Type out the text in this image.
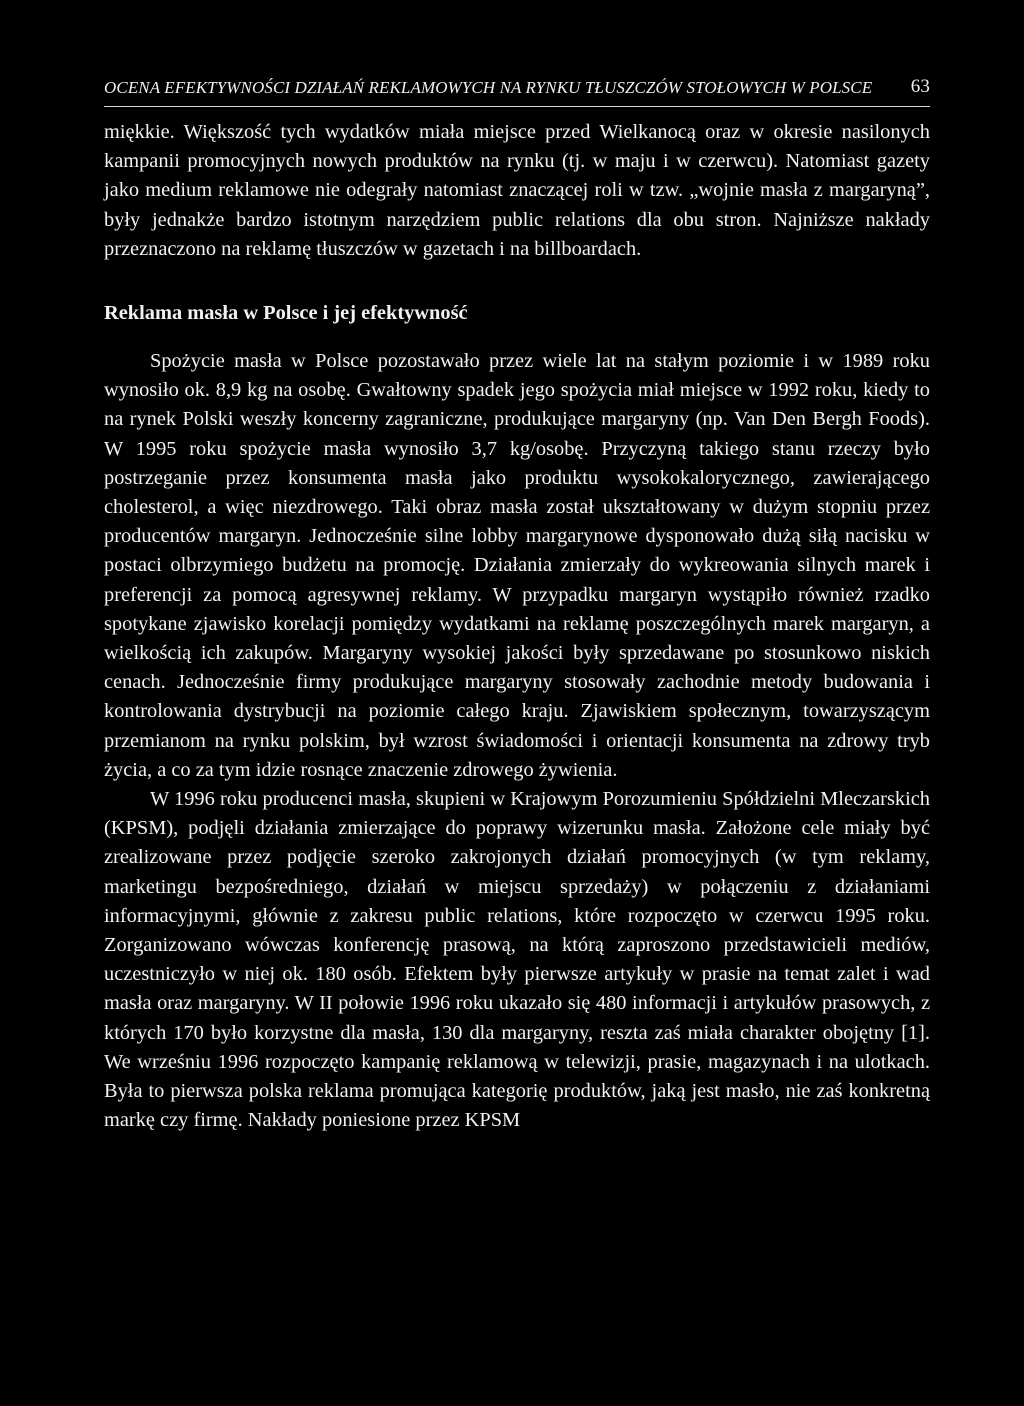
OCENA EFEKTYWNOŚCI DZIAŁAŃ REKLAMOWYCH NA RYNKU TŁUSZCZÓW STOŁOWYCH W POLSCE 63

miękkie. Większość tych wydatków miała miejsce przed Wielkanocą oraz w okresie nasilonych kampanii promocyjnych nowych produktów na rynku (tj. w maju i w czerwcu). Natomiast gazety jako medium reklamowe nie odegrały natomiast znaczącej roli w tzw. „wojnie masła z margaryną”, były jednakże bardzo istotnym narzędziem public relations dla obu stron. Najniższe nakłady przeznaczono na reklamę tłuszczów w gazetach i na billboardach.

Reklama masła w Polsce i jej efektywność

Spożycie masła w Polsce pozostawało przez wiele lat na stałym poziomie i w 1989 roku wynosiło ok. 8,9 kg na osobę. Gwałtowny spadek jego spożycia miał miejsce w 1992 roku, kiedy to na rynek Polski weszły koncerny zagraniczne, produkujące margaryny (np. Van Den Bergh Foods). W 1995 roku spożycie masła wynosiło 3,7 kg/osobę. Przyczyną takiego stanu rzeczy było postrzeganie przez konsumenta masła jako produktu wysokokalorycznego, zawierającego cholesterol, a więc niezdrowego. Taki obraz masła został ukształtowany w dużym stopniu przez producentów margaryn. Jednocześnie silne lobby margarynowe dysponowało dużą siłą nacisku w postaci olbrzymiego budżetu na promocję. Działania zmierzały do wykreowania silnych marek i preferencji za pomocą agresywnej reklamy. W przypadku margaryn wystąpiło również rzadko spotykane zjawisko korelacji pomiędzy wydatkami na reklamę poszczególnych marek margaryn, a wielkością ich zakupów. Margaryny wysokiej jakości były sprzedawane po stosunkowo niskich cenach. Jednocześnie firmy produkujące margaryny stosowały zachodnie metody budowania i kontrolowania dystrybucji na poziomie całego kraju. Zjawiskiem społecznym, towarzyszącym przemianom na rynku polskim, był wzrost świadomości i orientacji konsumenta na zdrowy tryb życia, a co za tym idzie rosnące znaczenie zdrowego żywienia.

W 1996 roku producenci masła, skupieni w Krajowym Porozumieniu Spółdzielni Mleczarskich (KPSM), podjęli działania zmierzające do poprawy wizerunku masła. Założone cele miały być zrealizowane przez podjęcie szeroko zakrojonych działań promocyjnych (w tym reklamy, marketingu bezpośredniego, działań w miejscu sprzedaży) w połączeniu z działaniami informacyjnymi, głównie z zakresu public relations, które rozpoczęto w czerwcu 1995 roku. Zorganizowano wówczas konferencję prasową, na którą zaproszono przedstawicieli mediów, uczestniczyło w niej ok. 180 osób. Efektem były pierwsze artykuły w prasie na temat zalet i wad masła oraz margaryny. W II połowie 1996 roku ukazało się 480 informacji i artykułów prasowych, z których 170 było korzystne dla masła, 130 dla margaryny, reszta zaś miała charakter obojętny [1]. We wrześniu 1996 rozpoczęto kampanię reklamową w telewizji, prasie, magazynach i na ulotkach. Była to pierwsza polska reklama promująca kategorię produktów, jaką jest masło, nie zaś konkretną markę czy firmę. Nakłady poniesione przez KPSM
